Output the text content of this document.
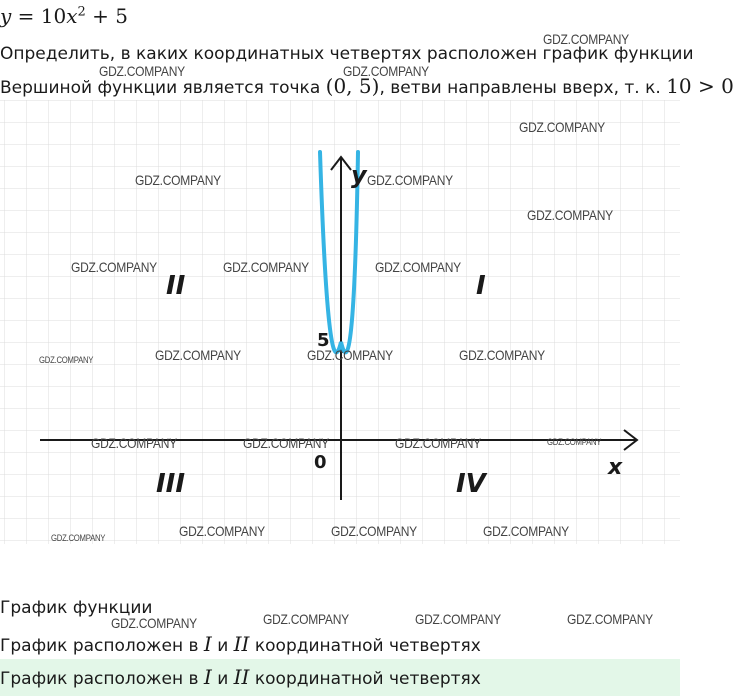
$y = 10x^2 + 5$
Определить, в каких координатных четвертях расположен график функции
Вершиной функции является точка (0, 5), ветви направлены вверх, т. к. 10 > 0
y
x
0
5
I
II
III	IV
График функции
График расположен в I и II координатной четвертях
График расположен в I и II координатной четвертях
GDZ.COMPANY
GDZ.COMPANY	GDZ.COMPANY
GDZ.COMPANY
GDZ.COMPANY	GDZ.COMPANY
GDZ.COMPANY
GDZ.COMPANY	GDZ.COMPANY	GDZ.COMPANY
GDZ.COMPANY	GDZ.COMPANY	GDZ.COMPANY	GDZ.COMPANY
GDZ.COMPANY	GDZ.COMPANY	GDZ.COMPANY	GDZ.COMPANY
GDZ.COMPANY	GDZ.COMPANY	GDZ.COMPANY
GDZ.COMPANY
GDZ.COMPANY	GDZ.COMPANY	GDZ.COMPANY
GDZ.COMPANY
